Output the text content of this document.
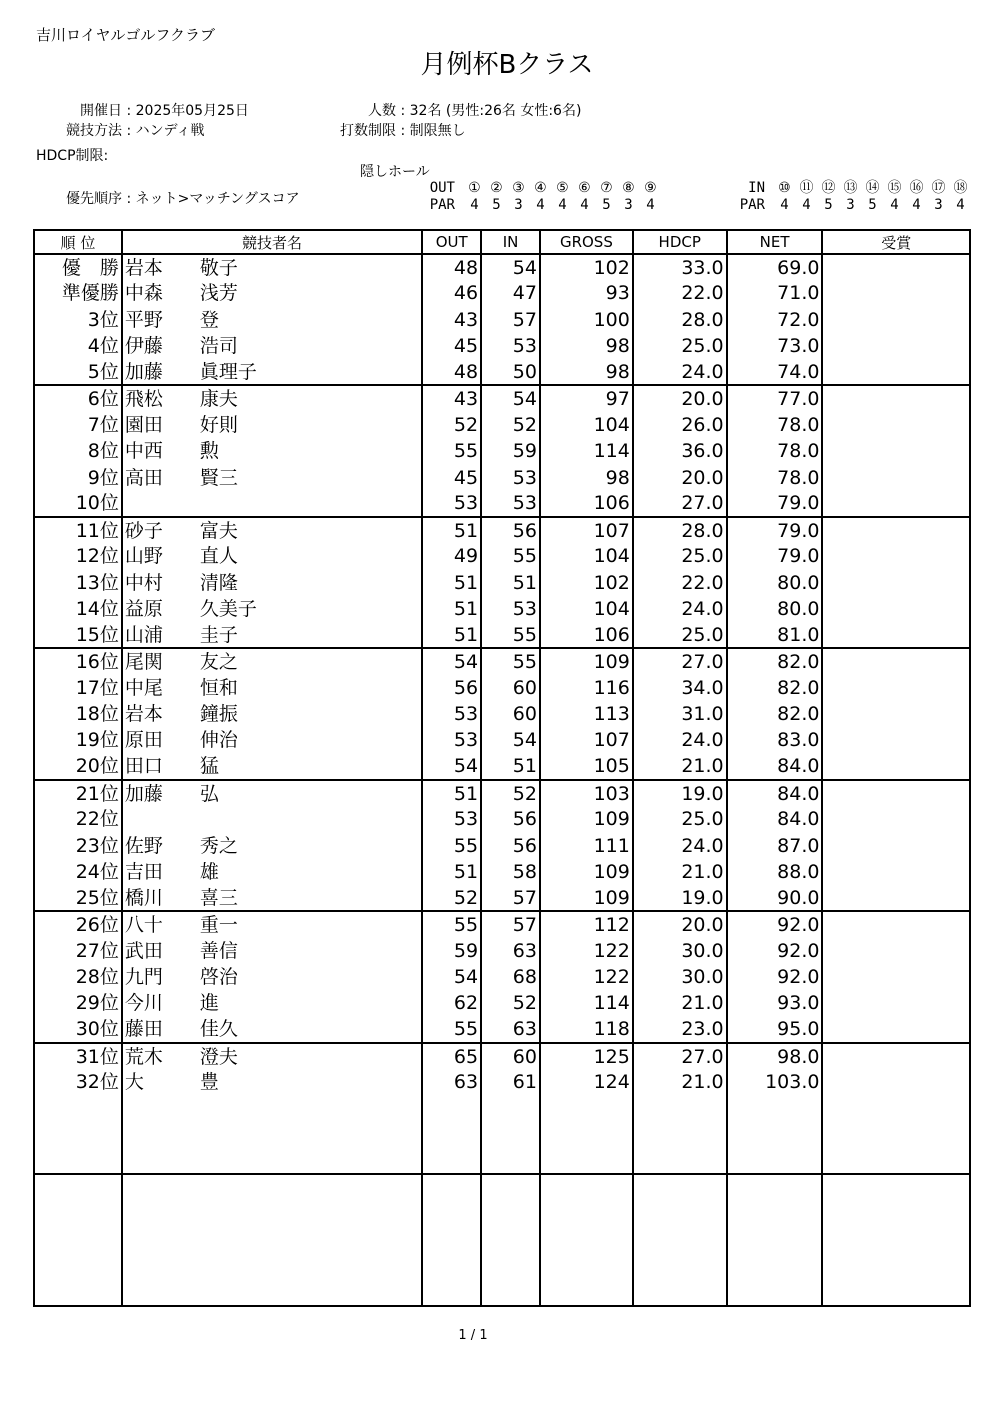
吉川ロイヤルゴルフクラブ
月例杯Bクラス
開催日 : 2025年05月25日
競技方法 : ハンディ戦
HDCP制限:
優先順序 : ネット>マッチングスコア
人数 : 32名 (男性:26名 女性:6名)
打数制限 : 制限無し
隠しホール
OUT ① ② ③ ④ ⑤ ⑥ ⑦ ⑧ ⑨
PAR 4 5 3 4 4 4 5 3 4
IN ⑩ ⑪ ⑫ ⑬ ⑭ ⑮ ⑯ ⑰ ⑱
PAR 4 4 5 3 5 4 4 3 4
順 位	競技者名	OUT	IN	GROSS	HDCP	NET	受賞
優　勝	岩本 敬子	48	54	102	33.0	69.0	
準優勝	中森 浅芳	46	47	93	22.0	71.0	
3位	平野 登	43	57	100	28.0	72.0	
4位	伊藤 浩司	45	53	98	25.0	73.0	
5位	加藤 眞理子	48	50	98	24.0	74.0	
6位	飛松 康夫	43	54	97	20.0	77.0	
7位	園田 好則	52	52	104	26.0	78.0	
8位	中西 勲	55	59	114	36.0	78.0	
9位	高田 賢三	45	53	98	20.0	78.0	
10位		53	53	106	27.0	79.0	
11位	砂子 富夫	51	56	107	28.0	79.0	
12位	山野 直人	49	55	104	25.0	79.0	
13位	中村 清隆	51	51	102	22.0	80.0	
14位	益原 久美子	51	53	104	24.0	80.0	
15位	山浦 圭子	51	55	106	25.0	81.0	
16位	尾関 友之	54	55	109	27.0	82.0	
17位	中尾 恒和	56	60	116	34.0	82.0	
18位	岩本 鐘振	53	60	113	31.0	82.0	
19位	原田 伸治	53	54	107	24.0	83.0	
20位	田口 猛	54	51	105	21.0	84.0	
21位	加藤 弘	51	52	103	19.0	84.0	
22位		53	56	109	25.0	84.0	
23位	佐野 秀之	55	56	111	24.0	87.0	
24位	吉田 雄	51	58	109	21.0	88.0	
25位	橋川 喜三	52	57	109	19.0	90.0	
26位	八十 重一	55	57	112	20.0	92.0	
27位	武田 善信	59	63	122	30.0	92.0	
28位	九門 啓治	54	68	122	30.0	92.0	
29位	今川 進	62	52	114	21.0	93.0	
30位	藤田 佳久	55	63	118	23.0	95.0	
31位	荒木 澄夫	65	60	125	27.0	98.0	
32位	大 豊	63	61	124	21.0	103.0	

1 / 1
